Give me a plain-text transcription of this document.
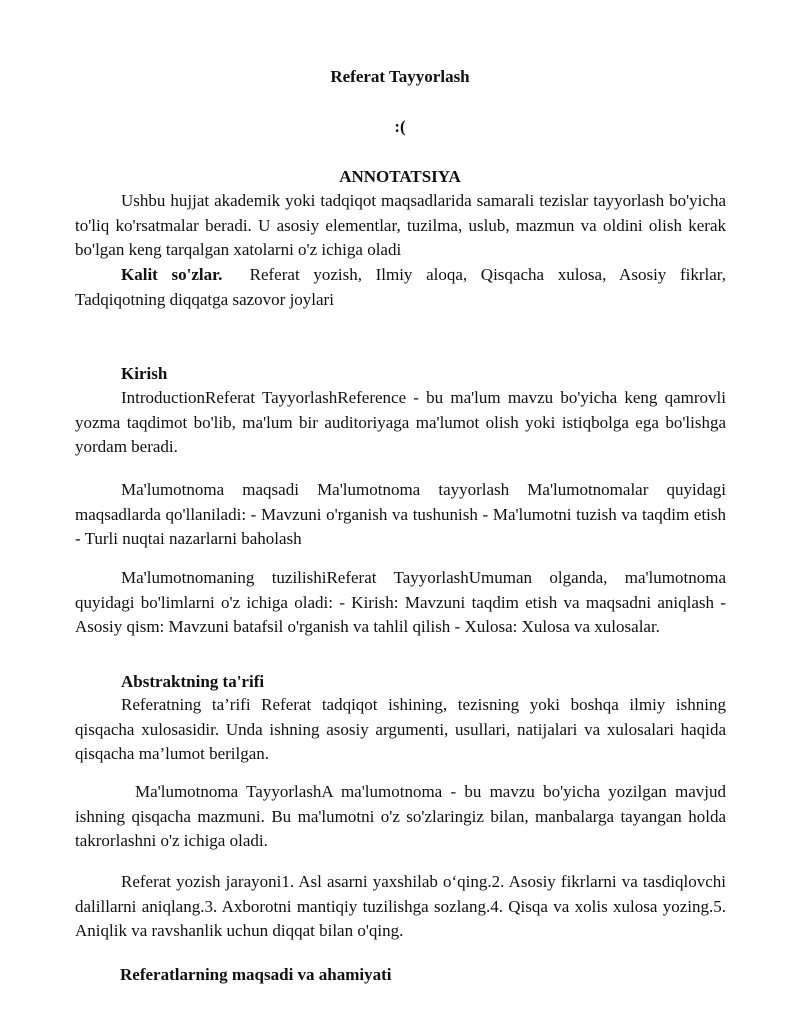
Referat Tayyorlash
:(
ANNOTATSIYA

Ushbu hujjat akademik yoki tadqiqot maqsadlarida samarali tezislar tayyorlash bo'yicha to'liq ko'rsatmalar beradi. U asosiy elementlar, tuzilma, uslub, mazmun va oldini olish kerak bo'lgan keng tarqalgan xatolarni o'z ichiga oladi

Kalit so'zlar. Referat yozish, Ilmiy aloqa, Qisqacha xulosa, Asosiy fikrlar, Tadqiqotning diqqatga sazovor joylari

Kirish

IntroductionReferat TayyorlashReference - bu ma'lum mavzu bo'yicha keng qamrovli yozma taqdimot bo'lib, ma'lum bir auditoriyaga ma'lumot olish yoki istiqbolga ega bo'lishga yordam beradi.

Ma'lumotnoma maqsadi Ma'lumotnoma tayyorlash Ma'lumotnomalar quyidagi maqsadlarda qo'llaniladi: - Mavzuni o'rganish va tushunish - Ma'lumotni tuzish va taqdim etish - Turli nuqtai nazarlarni baholash

Ma'lumotnomaning tuzilishiReferat TayyorlashUmuman olganda, ma'lumotnoma quyidagi bo'limlarni o'z ichiga oladi: - Kirish: Mavzuni taqdim etish va maqsadni aniqlash - Asosiy qism: Mavzuni batafsil o'rganish va tahlil qilish - Xulosa: Xulosa va xulosalar.

Abstraktning ta'rifi

Referatning ta’rifi Referat tadqiqot ishining, tezisning yoki boshqa ilmiy ishning qisqacha xulosasidir. Unda ishning asosiy argumenti, usullari, natijalari va xulosalari haqida qisqacha ma’lumot berilgan.

Ma'lumotnoma TayyorlashA ma'lumotnoma - bu mavzu bo'yicha yozilgan mavjud ishning qisqacha mazmuni. Bu ma'lumotni o'z so'zlaringiz bilan, manbalarga tayangan holda takrorlashni o'z ichiga oladi.

Referat yozish jarayoni1. Asl asarni yaxshilab o‘qing.2. Asosiy fikrlarni va tasdiqlovchi dalillarni aniqlang.3. Axborotni mantiqiy tuzilishga sozlang.4. Qisqa va xolis xulosa yozing.5. Aniqlik va ravshanlik uchun diqqat bilan o'qing.

Referatlarning maqsadi va ahamiyati
